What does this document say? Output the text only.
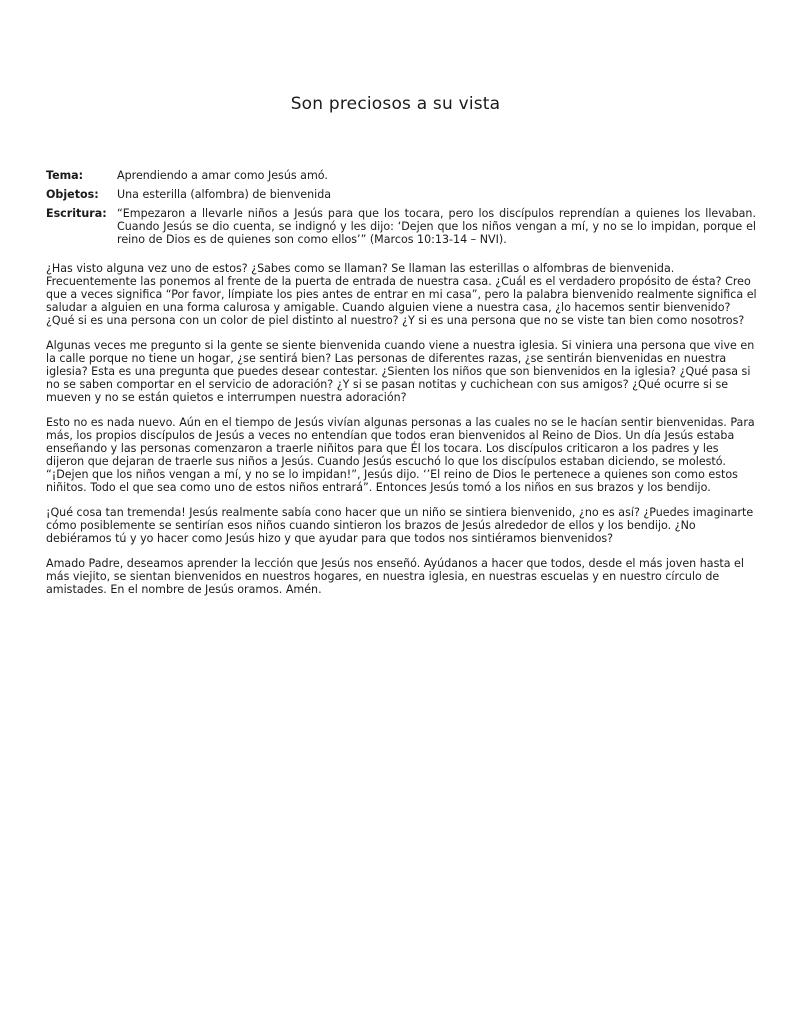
Son preciosos a su vista
Tema:	Aprendiendo a amar como Jesús amó.
Objetos:	Una esterilla (alfombra) de bienvenida
Escritura: “Empezaron a llevarle niños a Jesús para que los tocara, pero los discípulos reprendían a quienes los llevaban. Cuando Jesús se dio cuenta, se indignó y les dijo: ‘Dejen que los niños vengan a mí, y no se lo impidan, porque el reino de Dios es de quienes son como ellos’” (Marcos 10:13-14 – NVI).

¿Has visto alguna vez uno de estos? ¿Sabes como se llaman? Se llaman las esterillas o alfombras de bienvenida. Frecuentemente las ponemos al frente de la puerta de entrada de nuestra casa. ¿Cuál es el verdadero propósito de ésta? Creo que a veces significa “Por favor, límpiate los pies antes de entrar en mi casa”, pero la palabra bienvenido realmente significa el saludar a alguien en una forma calurosa y amigable. Cuando alguien viene a nuestra casa, ¿lo hacemos sentir bienvenido? ¿Qué si es una persona con un color de piel distinto al nuestro? ¿Y si es una persona que no se viste tan bien como nosotros?

Algunas veces me pregunto si la gente se siente bienvenida cuando viene a nuestra iglesia. Si viniera una persona que vive en la calle porque no tiene un hogar, ¿se sentirá bien? Las personas de diferentes razas, ¿se sentirán bienvenidas en nuestra iglesia? Esta es una pregunta que puedes desear contestar. ¿Sienten los niños que son bienvenidos en la iglesia? ¿Qué pasa si no se saben comportar en el servicio de adoración? ¿Y si se pasan notitas y cuchichean con sus amigos? ¿Qué ocurre si se mueven y no se están quietos e interrumpen nuestra adoración?

Esto no es nada nuevo. Aún en el tiempo de Jesús vivían algunas personas a las cuales no se le hacían sentir bienvenidas. Para más, los propios discípulos de Jesús a veces no entendían que todos eran bienvenidos al Reino de Dios. Un día Jesús estaba enseñando y las personas comenzaron a traerle niñitos para que Él los tocara. Los discípulos criticaron a los padres y les dijeron que dejaran de traerle sus niños a Jesús. Cuando Jesús escuchó lo que los discípulos estaban diciendo, se molestó. “¡Dejen que los niños vengan a mí, y no se lo impidan!”, Jesús dijo. ‘’El reino de Dios le pertenece a quienes son como estos niñitos. Todo el que sea como uno de estos niños entrará”. Entonces Jesús tomó a los niños en sus brazos y los bendijo.

¡Qué cosa tan tremenda! Jesús realmente sabía cono hacer que un niño se sintiera bienvenido, ¿no es así? ¿Puedes imaginarte cómo posiblemente se sentirían esos niños cuando sintieron los brazos de Jesús alrededor de ellos y los bendijo. ¿No debiéramos tú y yo hacer como Jesús hizo y que ayudar para que todos nos sintiéramos bienvenidos?

Amado Padre, deseamos aprender la lección que Jesús nos enseñó. Ayúdanos a hacer que todos, desde el más joven hasta el más viejito, se sientan bienvenidos en nuestros hogares, en nuestra iglesia, en nuestras escuelas y en nuestro círculo de amistades. En el nombre de Jesús oramos. Amén.
